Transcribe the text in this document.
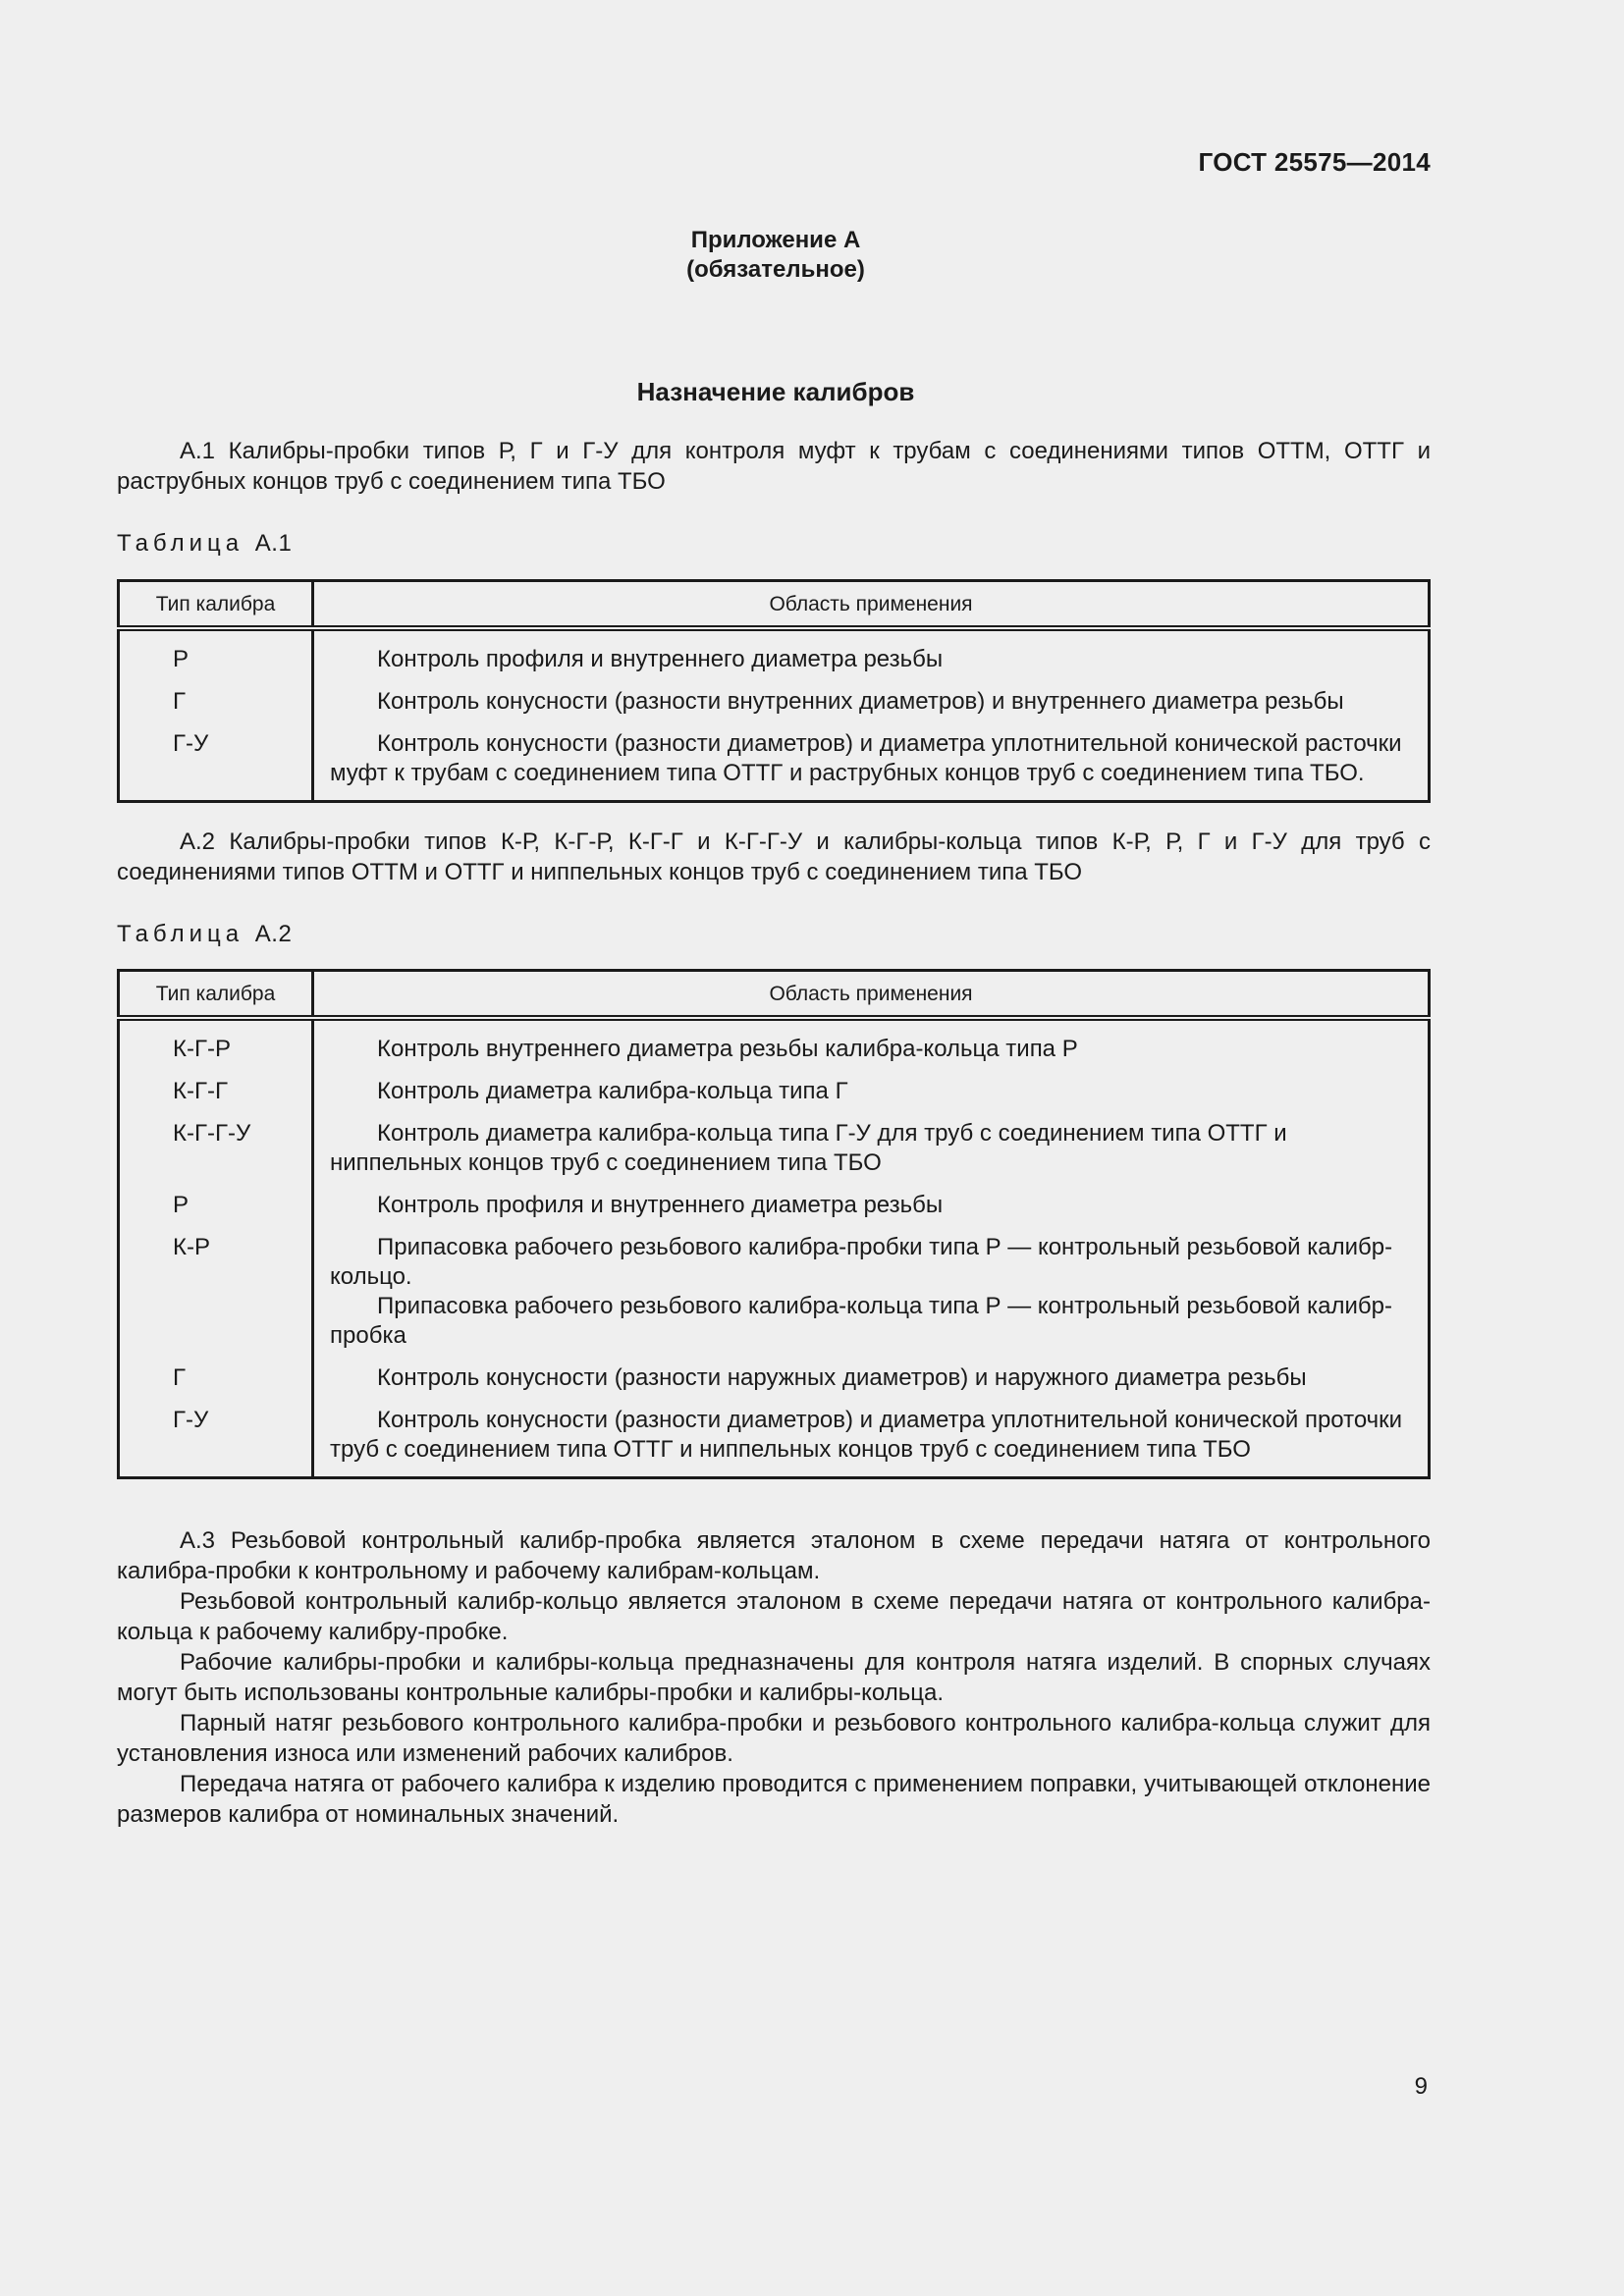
ГОСТ 25575—2014
Приложение А
(обязательное)
Назначение калибров

А.1 Калибры-пробки типов Р, Г и Г-У для контроля муфт к трубам с соединениями типов ОТТМ, ОТТГ и раструбных концов труб с соединением типа ТБО

Таблица А.1

Тип калибра	Область применения
Р	Контроль профиля и внутреннего диаметра резьбы
Г	Контроль конусности (разности внутренних диаметров) и внутреннего диаметра резьбы
Г-У	Контроль конусности (разности диаметров) и диаметра уплотнительной конической расточки муфт к трубам с соединением типа ОТТГ и раструбных концов труб с соединением типа ТБО.

А.2 Калибры-пробки типов К-Р, К-Г-Р, К-Г-Г и К-Г-Г-У и калибры-кольца типов К-Р, Р, Г и Г-У для труб с соединениями типов ОТТМ и ОТТГ и ниппельных концов труб с соединением типа ТБО

Таблица А.2

Тип калибра	Область применения
К-Г-Р	Контроль внутреннего диаметра резьбы калибра-кольца типа Р
К-Г-Г	Контроль диаметра калибра-кольца типа Г
К-Г-Г-У	Контроль диаметра калибра-кольца типа Г-У для труб с соединением типа ОТТГ и ниппельных концов труб с соединением типа ТБО
Р	Контроль профиля и внутреннего диаметра резьбы
К-Р	Припасовка рабочего резьбового калибра-пробки типа Р — контрольный резьбовой калибр-кольцо.
Припасовка рабочего резьбового калибра-кольца типа Р — контрольный резьбовой калибр-пробка

Г	Контроль конусности (разности наружных диаметров) и наружного диаметра резьбы
Г-У	Контроль конусности (разности диаметров) и диаметра уплотнительной конической проточки труб с соединением типа ОТТГ и ниппельных концов труб с соединением типа ТБО

А.3 Резьбовой контрольный калибр-пробка является эталоном в схеме передачи натяга от контрольного калибра-пробки к контрольному и рабочему калибрам-кольцам.

Резьбовой контрольный калибр-кольцо является эталоном в схеме передачи натяга от контрольного калибра-кольца к рабочему калибру-пробке.

Рабочие калибры-пробки и калибры-кольца предназначены для контроля натяга изделий. В спорных случаях могут быть использованы контрольные калибры-пробки и калибры-кольца.

Парный натяг резьбового контрольного калибра-пробки и резьбового контрольного калибра-кольца служит для установления износа или изменений рабочих калибров.

Передача натяга от рабочего калибра к изделию проводится с применением поправки, учитывающей отклонение размеров калибра от номинальных значений.

9
